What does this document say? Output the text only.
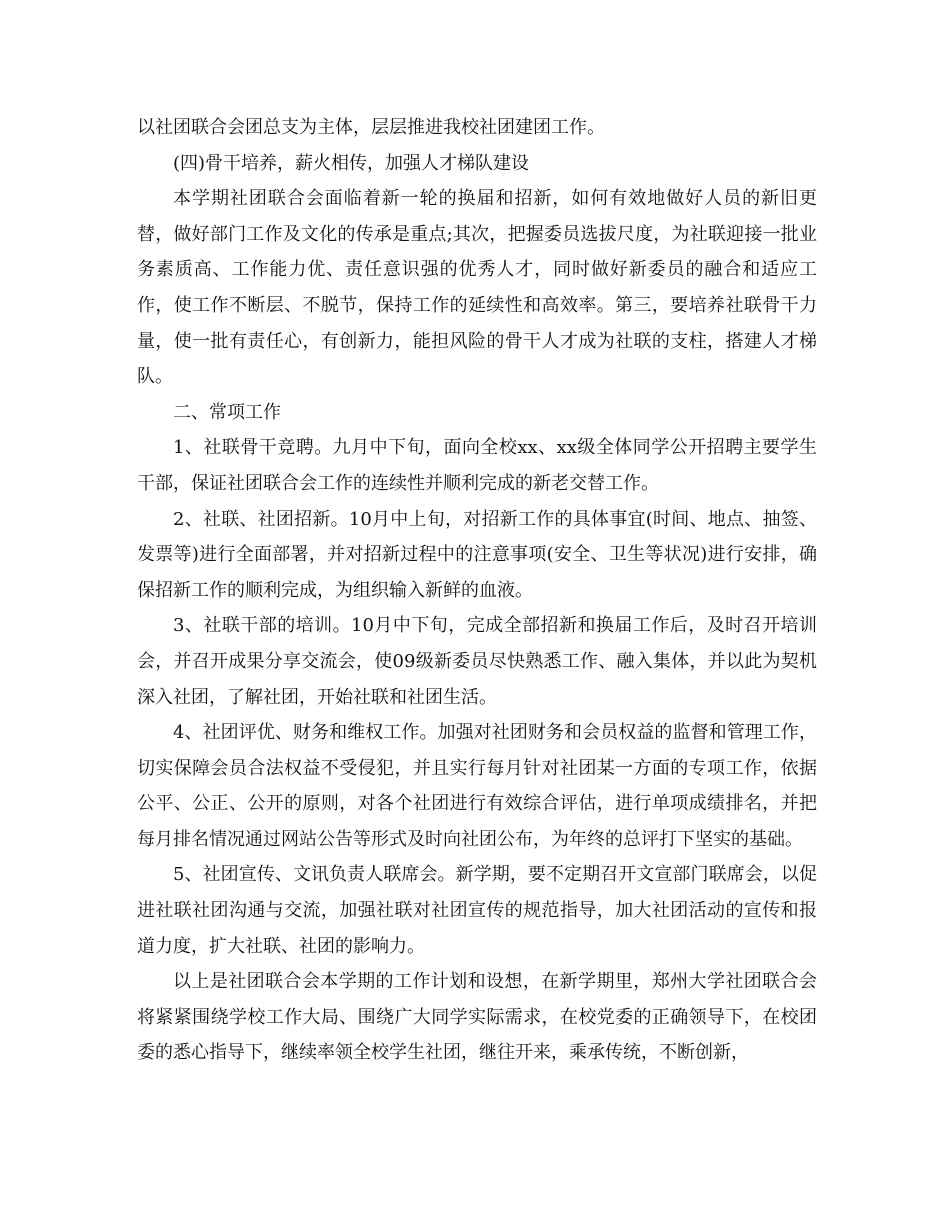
以社团联合会团总支为主体，层层推进我校社团建团工作。

(四)骨干培养，薪火相传，加强人才梯队建设

本学期社团联合会面临着新一轮的换届和招新，如何有效地做好人员的新旧更替，做好部门工作及文化的传承是重点;其次，把握委员选拔尺度，为社联迎接一批业务素质高、工作能力优、责任意识强的优秀人才，同时做好新委员的融合和适应工作，使工作不断层、不脱节，保持工作的延续性和高效率。第三，要培养社联骨干力量，使一批有责任心，有创新力，能担风险的骨干人才成为社联的支柱，搭建人才梯队。

二、常项工作

1、社联骨干竞聘。九月中下旬，面向全校xx、xx级全体同学公开招聘主要学生干部，保证社团联合会工作的连续性并顺利完成的新老交替工作。

2、社联、社团招新。10月中上旬，对招新工作的具体事宜(时间、地点、抽签、发票等)进行全面部署，并对招新过程中的注意事项(安全、卫生等状况)进行安排，确保招新工作的顺利完成，为组织输入新鲜的血液。

3、社联干部的培训。10月中下旬，完成全部招新和换届工作后，及时召开培训会，并召开成果分享交流会，使09级新委员尽快熟悉工作、融入集体，并以此为契机深入社团，了解社团，开始社联和社团生活。

4、社团评优、财务和维权工作。加强对社团财务和会员权益的监督和管理工作，切实保障会员合法权益不受侵犯，并且实行每月针对社团某一方面的专项工作，依据公平、公正、公开的原则，对各个社团进行有效综合评估，进行单项成绩排名，并把每月排名情况通过网站公告等形式及时向社团公布，为年终的总评打下坚实的基础。

5、社团宣传、文讯负责人联席会。新学期，要不定期召开文宣部门联席会，以促进社联社团沟通与交流，加强社联对社团宣传的规范指导，加大社团活动的宣传和报道力度，扩大社联、社团的影响力。

以上是社团联合会本学期的工作计划和设想，在新学期里，郑州大学社团联合会将紧紧围绕学校工作大局、围绕广大同学实际需求，在校党委的正确领导下，在校团委的悉心指导下，继续率领全校学生社团，继往开来，乘承传统，不断创新，
